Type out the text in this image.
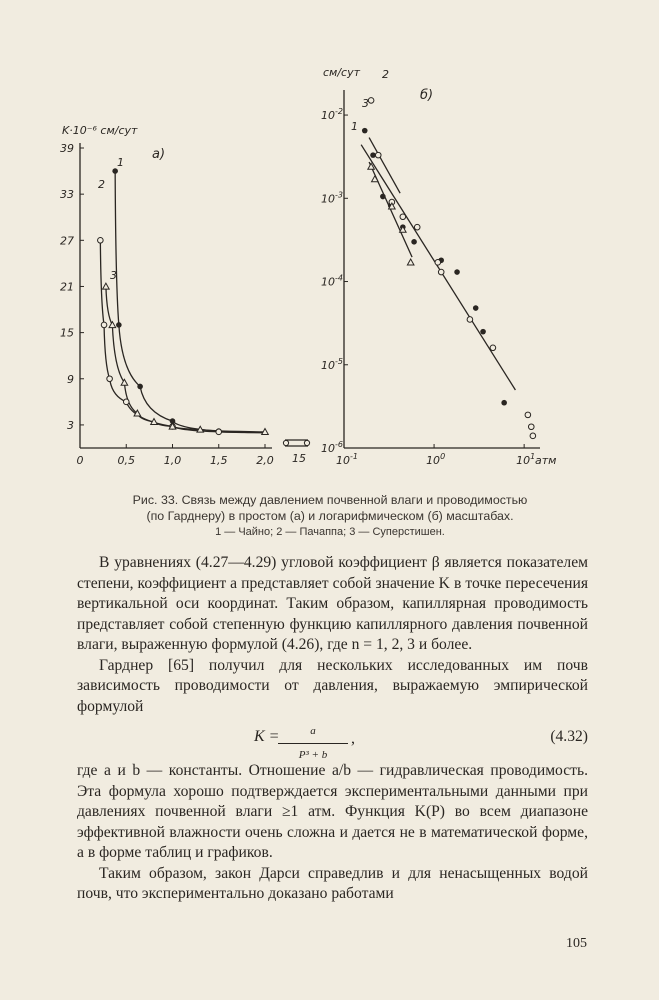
K·10⁻⁶ см/сут
а)
39
33
27
21
15
9
3
0	0,5	1,0	1,5	2,0
1
2
3
15
см/сут
б)
атм
$10^{-2}$
$10^{-3}$
$10^{-4}$
$10^{-5}$
$10^{-6}$
$10^{-1}$	$10^0$	$10^1$
1
2
3
Рис. 33. Связь между давлением почвенной влаги и проводимостью
(по Гарднеру) в простом (а) и логарифмическом (б) масштабах.
1 — Чайно; 2 — Пачаппа; 3 — Суперстишен.

В уравнениях (4.27—4.29) угловой коэффициент β является показателем степени, коэффициент a представляет собой значение K в точке пересечения вертикальной оси координат. Таким образом, капиллярная проводимость представляет собой степенную функцию капиллярного давления почвенной влаги, выраженную формулой (4.26), где n = 1, 2, 3 и более.

Гарднер [65] получил для нескольких исследованных им почв зависимость проводимости от давления, выражаемую эмпирической формулой

K =
$\frac{a}{\text{P³ + b}}$ ,	(4.32)

где a и b — константы. Отношение a/b — гидравлическая проводимость. Эта формула хорошо подтверждается экспериментальными данными при давлениях почвенной влаги ≥1 атм. Функция K(P) во всем диапазоне эффективной влажности очень сложна и дается не в математической форме, а в форме таблиц и графиков.

Таким образом, закон Дарси справедлив и для ненасыщенных водой почв, что экспериментально доказано работами

105
